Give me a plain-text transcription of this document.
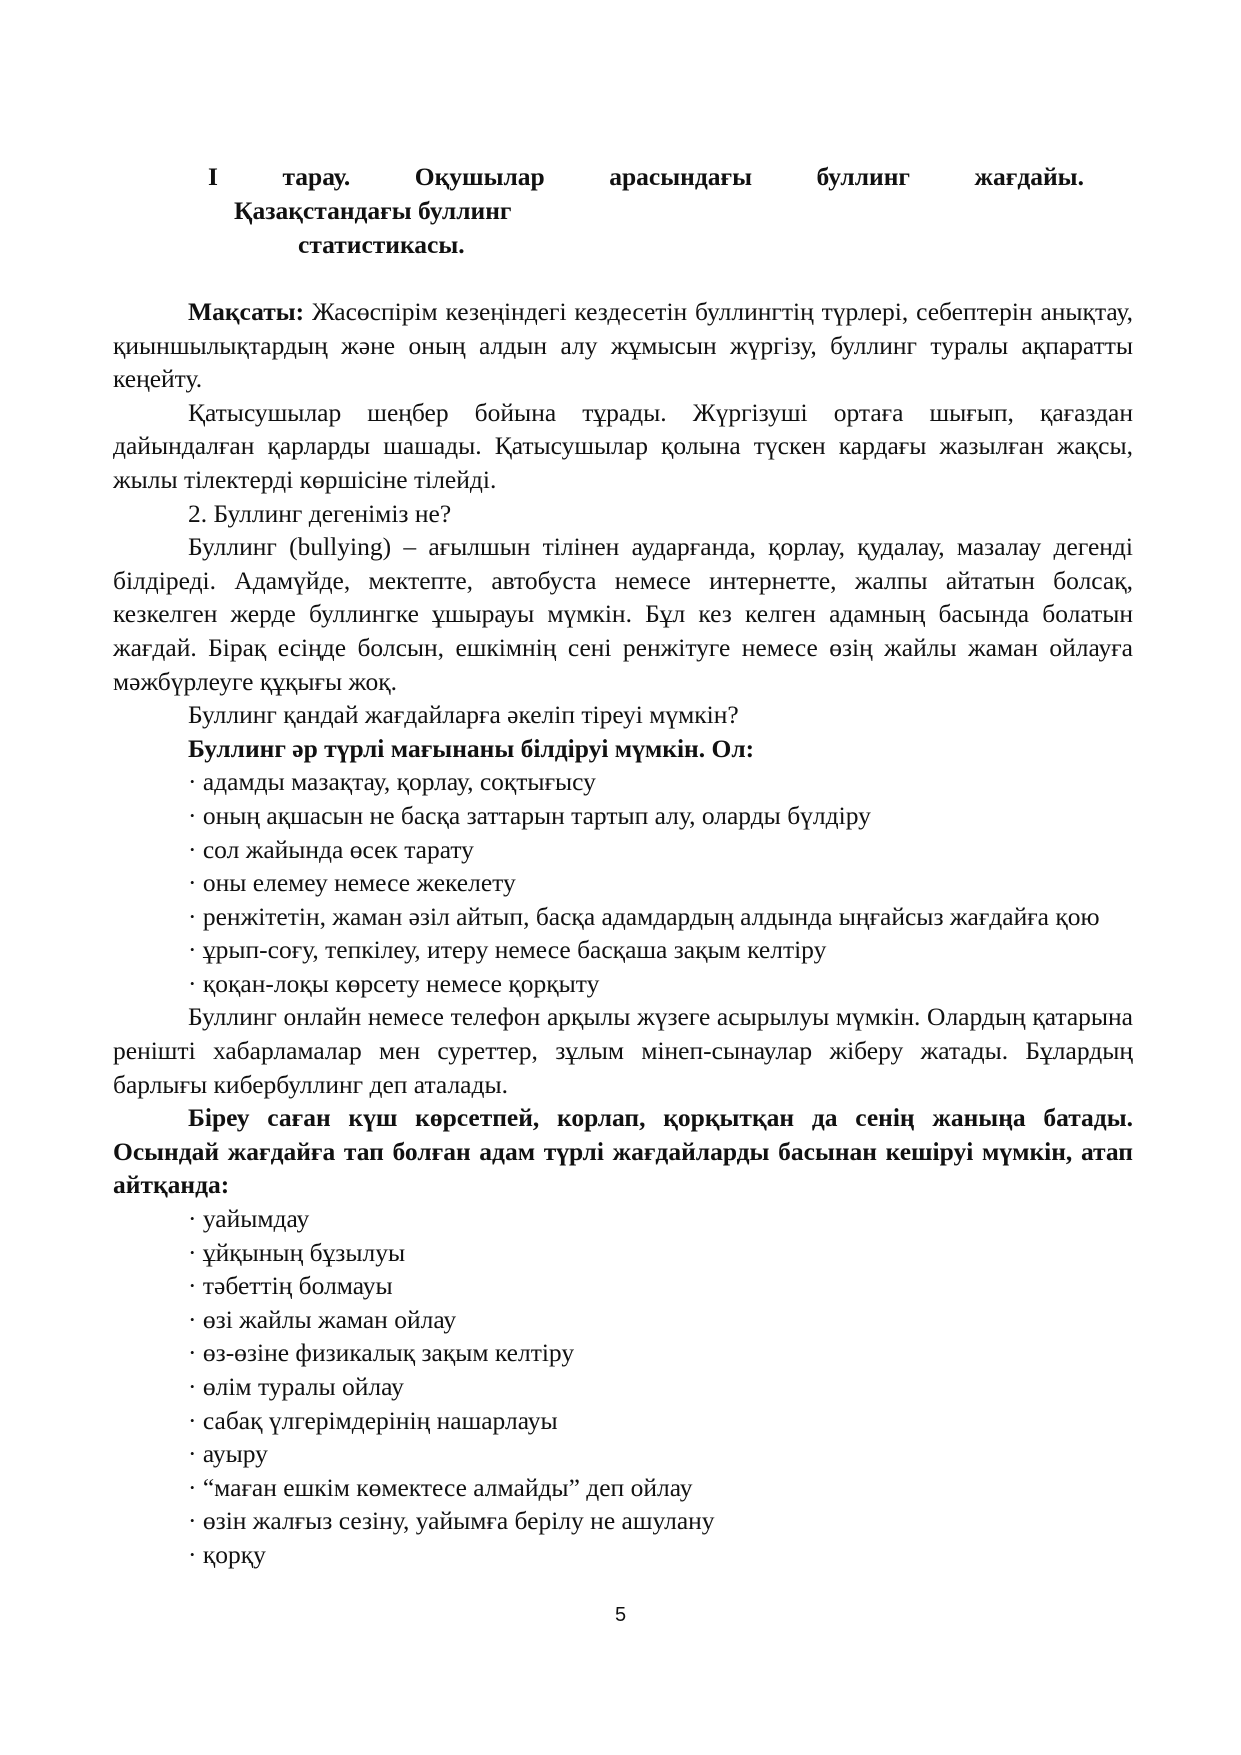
I	тарау.	Оқушылар	арасындағы	буллинг	жағдайы.
Қазақстандағы буллинг
статистикасы.

Мақсаты: Жасөспірім кезеңіндегі кездесетін буллингтің түрлері, себептерін анықтау, қиыншылықтардың және оның алдын алу жұмысын жүргізу, буллинг туралы ақпаратты кеңейту.

Қатысушылар шеңбер бойына тұрады. Жүргізуші ортаға шығып, қағаздан дайындалған қарларды шашады. Қатысушылар қолына түскен кардағы жазылған жақсы, жылы тілектерді көршісіне тілейді.

2. Буллинг дегеніміз не?

Буллинг (bullying) – ағылшын тілінен аударғанда, қорлау, қудалау, мазалау дегенді білдіреді. Адамүйде, мектепте, автобуста немесе интернетте, жалпы айтатын болсақ, кезкелген жерде буллингке ұшырауы мүмкін. Бұл кез келген адамның басында болатын жағдай. Бірақ есіңде болсын, ешкімнің сені ренжітуге немесе өзің жайлы жаман ойлауға мәжбүрлеуге құқығы жоқ.

Буллинг қандай жағдайларға әкеліп тіреуі мүмкін?

Буллинг әр түрлі мағынаны білдіруі мүмкін. Ол:

· адамды мазақтау, қорлау, соқтығысу

· оның ақшасын не басқа заттарын тартып алу, оларды бүлдіру

· сол жайында өсек тарату

· оны елемеу немесе жекелету

· ренжітетін, жаман әзіл айтып, басқа адамдардың алдында ыңғайсыз жағдайға қою

· ұрып-соғу, тепкілеу, итеру немесе басқаша зақым келтіру

· қоқан-лоқы көрсету немесе қорқыту

Буллинг онлайн немесе телефон арқылы жүзеге асырылуы мүмкін. Олардың қатарына ренішті хабарламалар мен суреттер, зұлым мінеп-сынаулар жіберу жатады. Бұлардың барлығы кибербуллинг деп аталады.

Біреу саған күш көрсетпей, корлап, қорқытқан да сенің жаныңа батады. Осындай жағдайға тап болған адам түрлі жағдайларды басынан кешіруі мүмкін, атап айтқанда:

· уайымдау

· ұйқының бұзылуы

· тәбеттің болмауы

· өзі жайлы жаман ойлау

· өз-өзіне физикалық зақым келтіру

· өлім туралы ойлау

· сабақ үлгерімдерінің нашарлауы

· ауыру

· “маған ешкім көмектесе алмайды” деп ойлау

· өзін жалғыз сезіну, уайымға берілу не ашулану

· қорқу

5
